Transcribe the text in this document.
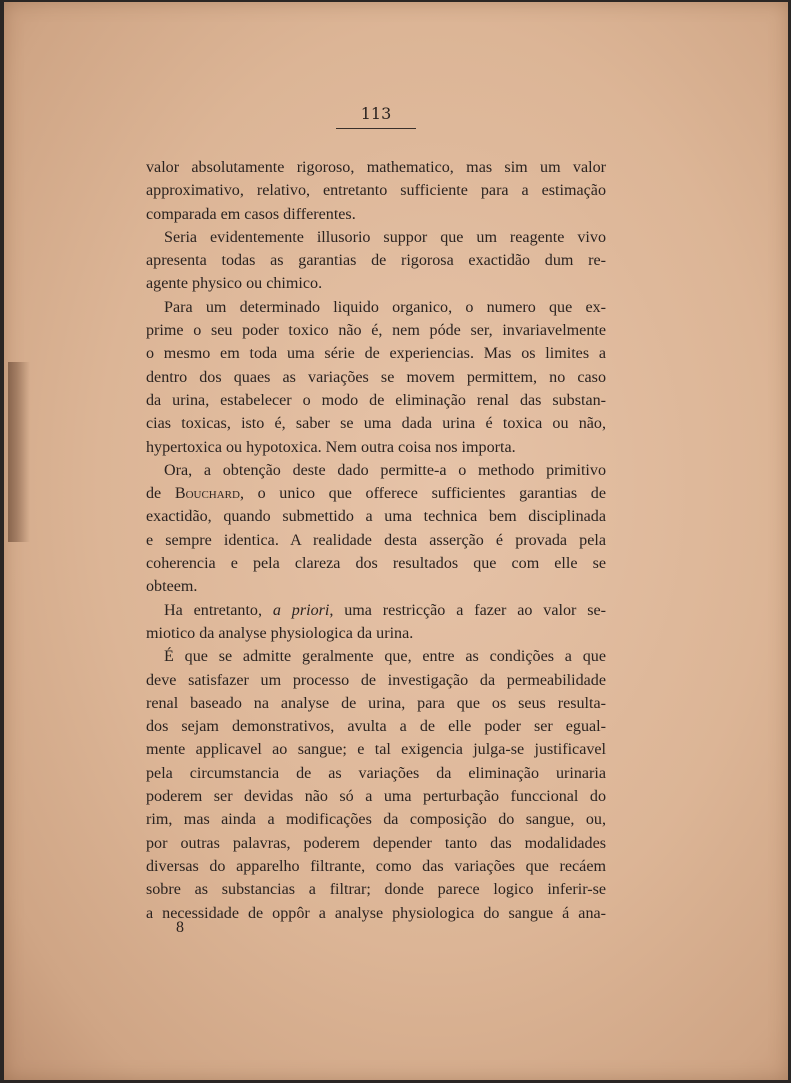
113
valor absolutamente rigoroso, mathematico, mas sim um valor
approximativo, relativo, entretanto sufficiente para a estimação
comparada em casos differentes.
Seria evidentemente illusorio suppor que um reagente vivo
apresenta todas as garantias de rigorosa exactidão dum re-
agente physico ou chimico.
Para um determinado liquido organico, o numero que ex-
prime o seu poder toxico não é, nem póde ser, invariavelmente
o mesmo em toda uma série de experiencias. Mas os limites a
dentro dos quaes as variações se movem permittem, no caso
da urina, estabelecer o modo de eliminação renal das substan-
cias toxicas, isto é, saber se uma dada urina é toxica ou não,
hypertoxica ou hypotoxica. Nem outra coisa nos importa.
Ora, a obtenção deste dado permitte-a o methodo primitivo
de Bouchard, o unico que offerece sufficientes garantias de
exactidão, quando submettido a uma technica bem disciplinada
e sempre identica. A realidade desta asserção é provada pela
coherencia e pela clareza dos resultados que com elle se
obteem.
Ha entretanto, a priori, uma restricção a fazer ao valor se-
miotico da analyse physiologica da urina.
É que se admitte geralmente que, entre as condições a que
deve satisfazer um processo de investigação da permeabilidade
renal baseado na analyse de urina, para que os seus resulta-
dos sejam demonstrativos, avulta a de elle poder ser egual-
mente applicavel ao sangue; e tal exigencia julga-se justificavel
pela circumstancia de as variações da eliminação urinaria
poderem ser devidas não só a uma perturbação funccional do
rim, mas ainda a modificações da composição do sangue, ou,
por outras palavras, poderem depender tanto das modalidades
diversas do apparelho filtrante, como das variações que recáem
sobre as substancias a filtrar; donde parece logico inferir-se
a necessidade de oppôr a analyse physiologica do sangue á ana-
8
